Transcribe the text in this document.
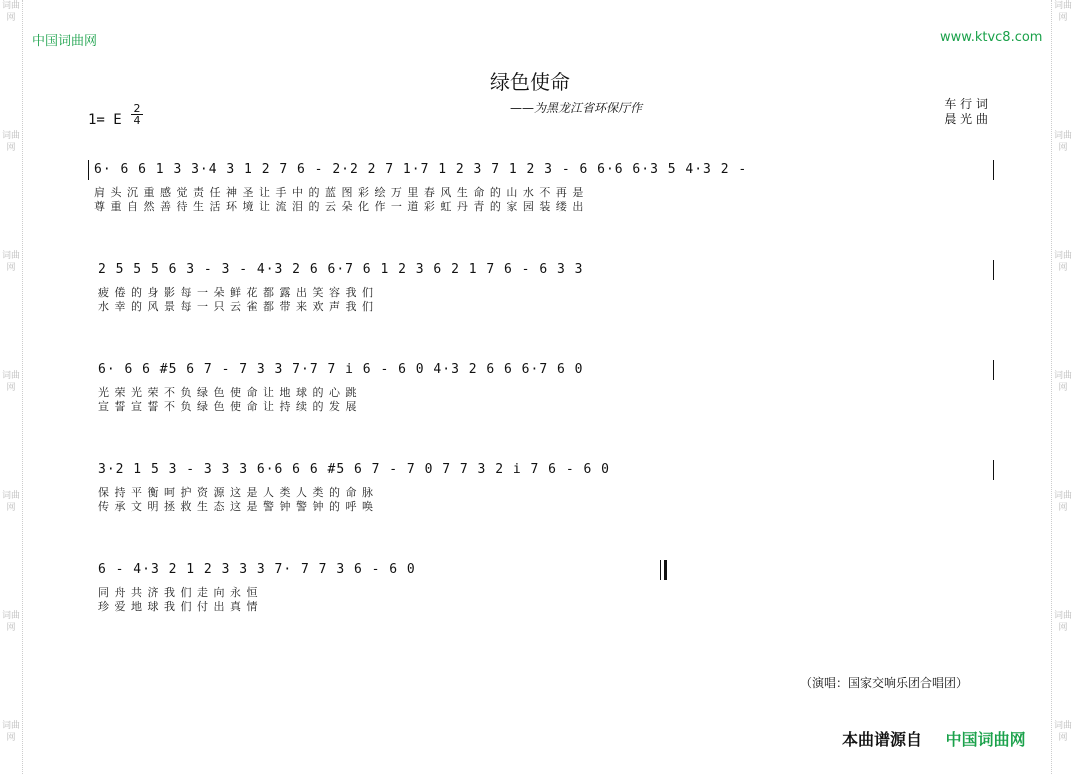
词曲网
词曲网
词曲网
词曲网
词曲网
词曲网
词曲网
词曲网
词曲网
词曲网
词曲网
词曲网
词曲网
词曲网
中国词曲网	www.ktvc8.com
绿色使命
——为黑龙江省环保厅作
1= E
2
4
车 行 词
晨 光 曲
6· 6 6 1 3 3·4 3 1 2 7 6 - 2·2 2 7 1·7 1 2 3 7 1 2 3 - 6 6·6 6·3 5 4·3 2 -
肩 头 沉 重 感 觉 责 任 神 圣 让 手 中 的 蓝 图 彩 绘 万 里 春 风 生 命 的 山 水 不 再 是
尊 重 自 然 善 待 生 活 环 境 让 流 泪 的 云 朵 化 作 一 道 彩 虹 丹 青 的 家 园 装 缕 出
2 5 5 5 6 3 - 3 - 4·3 2 6 6·7 6 1 2 3 6 2 1 7 6 - 6 3 3
疲 倦 的 身 影 每 一 朵 鲜 花 都 露 出 笑 容 我 们
水 幸 的 风 景 每 一 只 云 雀 都 带 来 欢 声 我 们
6· 6 6 #5 6 7 - 7 3 3 7·7 7 i 6 - 6 0 4·3 2 6 6 6·7 6 0
光 荣 光 荣 不 负 绿 色 使 命 让 地 球 的 心 跳
宣 誓 宣 誓 不 负 绿 色 使 命 让 持 续 的 发 展
3·2 1 5 3 - 3 3 3 6·6 6 6 #5 6 7 - 7 0 7 7 3 2 i 7 6 - 6 0
保 持 平 衡 呵 护 资 源 这 是 人 类 人 类 的 命 脉
传 承 文 明 拯 救 生 态 这 是 警 钟 警 钟 的 呼 唤
6 - 4·3 2 1 2 3 3 3 7· 7 7 3 6 - 6 0
同 舟 共 济 我 们 走 向 永 恒
珍 爱 地 球 我 们 付 出 真 情
（演唱：国家交响乐团合唱团）
本曲谱源自 中国词曲网
